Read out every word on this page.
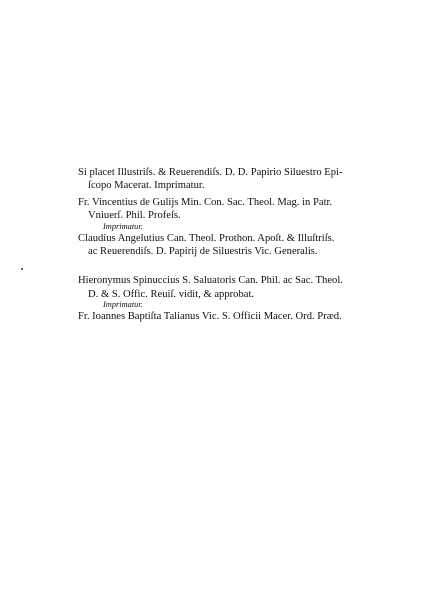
Si placet Illustriſs. & Reuerendiſs. D. D. Papirio Siluestro Epi-
ſcopo Macerat. Imprimatur.
Fr. Vincentius de Gulijs Min. Con. Sac. Theol. Mag. in Patr.
Vniuerſ. Phil. Profeſs.
Imprimatur.
Claudius Angelutius Can. Theol. Prothon. Apoſt. & Illuſtriſs.
ac Reuerendiſs. D. Papirij de Siluestris Vic. Generalis.
Hieronymus Spinuccius S. Saluatoris Can. Phil. ac Sac. Theol.
D. & S. Offic. Reuiſ. vidit, & approbat.
Imprimatur.
Fr. Ioannes Baptiſta Talianus Vic. S. Officii Macer. Ord. Præd.
